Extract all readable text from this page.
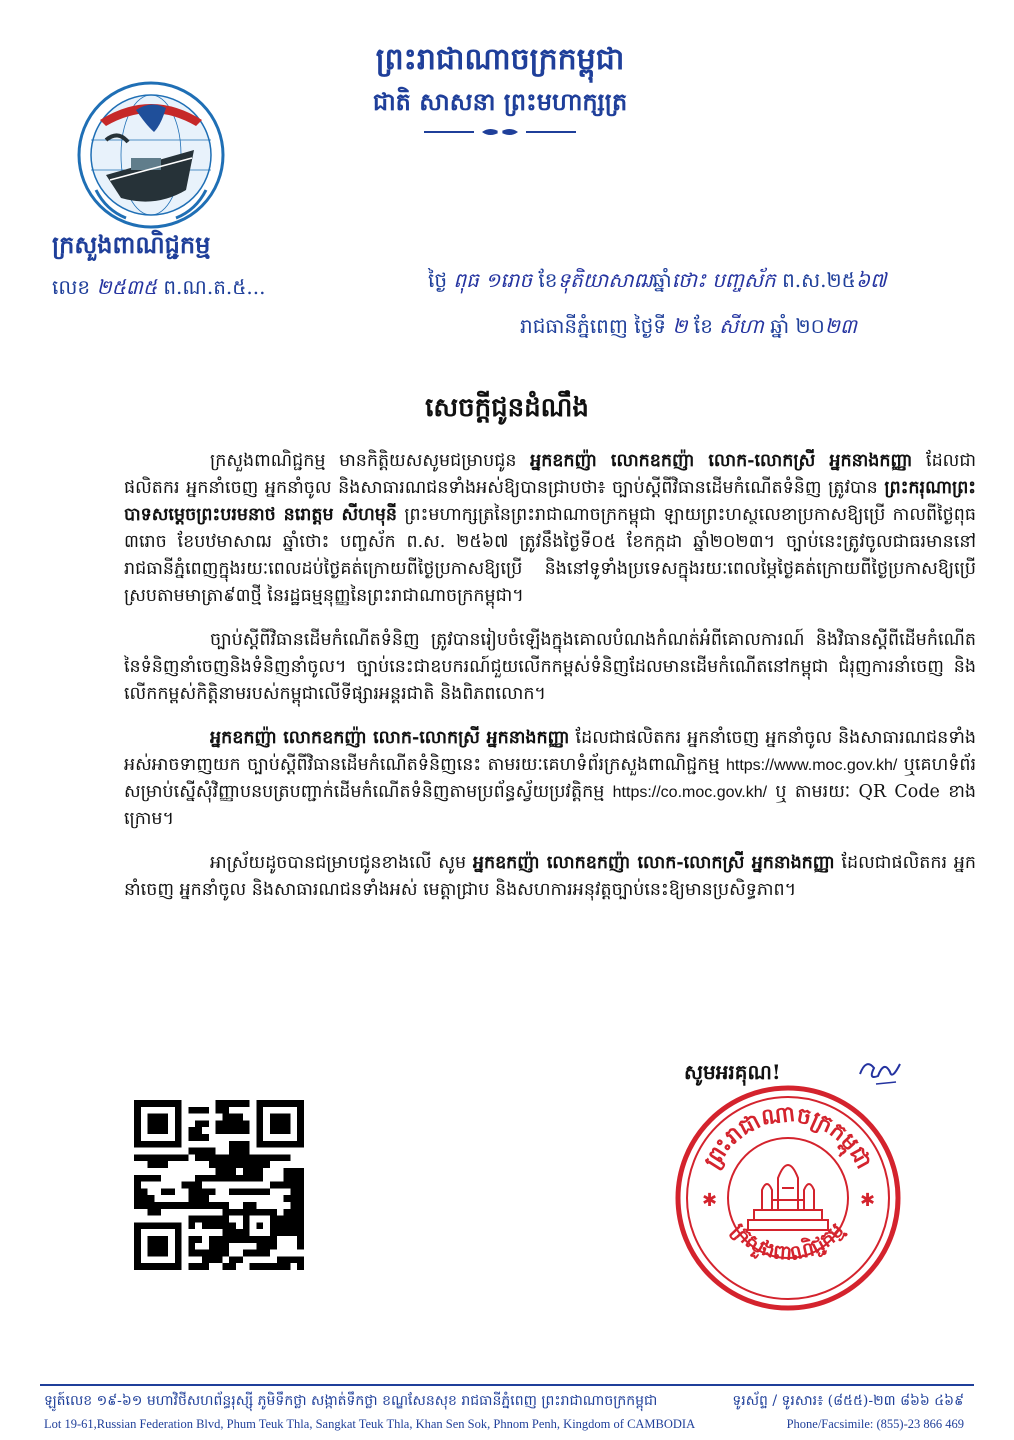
ព្រះរាជាណាចក្រកម្ពុជា
ជាតិ សាសនា ព្រះមហាក្សត្រ
ក្រសួងពាណិជ្ជកម្ម
លេខ ២៥៣៥ ព.ណ.ត.៥...	ថ្ងៃ ពុធ ១រោច ខែទុតិយាសាឍឆ្នាំថោះ បញ្ចស័ក ព.ស.២៥៦៧
រាជធានីភ្នំពេញ ថ្ងៃទី ២ ខែ សីហា ឆ្នាំ ២០២៣
សេចក្តីជូនដំណឹង

ក្រសួងពាណិជ្ជកម្ម មានកិត្តិយសសូមជម្រាបជូន អ្នកឧកញ៉ា លោកឧកញ៉ា លោក-លោកស្រី អ្នកនាងកញ្ញា ដែលជាផលិតករ អ្នកនាំចេញ អ្នកនាំចូល និងសាធារណជនទាំងអស់ឱ្យបានជ្រាបថា៖ ច្បាប់ស្តីពីវិធានដើមកំណើតទំនិញ ត្រូវបាន ព្រះករុណាព្រះបាទសម្តេចព្រះបរមនាថ នរោត្តម សីហមុនី ព្រះមហាក្សត្រនៃព្រះរាជាណាចក្រកម្ពុជា ឡាយព្រះហស្ថលេខាប្រកាសឱ្យប្រើ កាលពីថ្ងៃពុធ ៣រោច ខែបឋមាសាឍ ឆ្នាំថោះ បញ្ចស័ក ព.ស. ២៥៦៧ ត្រូវនឹងថ្ងៃទី០៥ ខែកក្កដា ឆ្នាំ២០២៣។ ច្បាប់នេះត្រូវចូលជាធរមាននៅរាជធានីភ្នំពេញក្នុងរយៈពេលដប់ថ្ងៃគត់ក្រោយពីថ្ងៃប្រកាសឱ្យប្រើ និងនៅទូទាំងប្រទេសក្នុងរយៈពេលម្ភៃថ្ងៃគត់ក្រោយពីថ្ងៃប្រកាសឱ្យប្រើ ស្របតាមមាត្រា៩៣ថ្មី នៃរដ្ឋធម្មនុញ្ញនៃព្រះរាជាណាចក្រកម្ពុជា។

ច្បាប់ស្តីពីវិធានដើមកំណើតទំនិញ ត្រូវបានរៀបចំឡើងក្នុងគោលបំណងកំណត់អំពីគោលការណ៍ និងវិធានស្តីពីដើមកំណើតនៃទំនិញនាំចេញនិងទំនិញនាំចូល។ ច្បាប់នេះជាឧបករណ៍ជួយលើកកម្ពស់ទំនិញដែលមានដើមកំណើតនៅកម្ពុជា ជំរុញការនាំចេញ និងលើកកម្ពស់កិត្តិនាមរបស់កម្ពុជាលើទីផ្សារអន្តរជាតិ និងពិភពលោក។

អ្នកឧកញ៉ា លោកឧកញ៉ា លោក-លោកស្រី អ្នកនាងកញ្ញា ដែលជាផលិតករ អ្នកនាំចេញ អ្នកនាំចូល និងសាធារណជនទាំងអស់អាចទាញយក ច្បាប់ស្តីពីវិធានដើមកំណើតទំនិញនេះ តាមរយៈគេហទំព័រក្រសួងពាណិជ្ជកម្ម https://www.moc.gov.kh/ ឬគេហទំព័រសម្រាប់ស្នើសុំវិញ្ញាបនបត្របញ្ជាក់ដើមកំណើតទំនិញតាមប្រព័ន្ធស្វ័យប្រវត្តិកម្ម https://co.moc.gov.kh/ ឬ តាមរយៈ QR Code ខាងក្រោម។

អាស្រ័យដូចបានជម្រាបជូនខាងលើ សូម អ្នកឧកញ៉ា លោកឧកញ៉ា លោក-លោកស្រី អ្នកនាងកញ្ញា ដែលជាផលិតករ អ្នកនាំចេញ អ្នកនាំចូល និងសាធារណជនទាំងអស់ មេត្តាជ្រាប និងសហការអនុវត្តច្បាប់នេះឱ្យមានប្រសិទ្ធភាព។

សូមអរគុណ!
ព្រះរាជាណាចក្រកម្ពុជា
ក្រសួងពាណិជ្ជកម្ម
✱	✱
ឡូត៍លេខ ១៩-៦១ មហាវិថីសហព័ន្ធរុស្ស៊ី ភូមិទឹកថ្លា សង្កាត់ទឹកថ្លា ខណ្ឌសែនសុខ រាជធានីភ្នំពេញ ព្រះរាជាណាចក្រកម្ពុជា	ទូរស័ព្ទ / ទូរសារ៖ (៨៥៥)-២៣ ៨៦៦ ៤៦៩
Lot 19-61,Russian Federation Blvd, Phum Teuk Thla, Sangkat Teuk Thla, Khan Sen Sok, Phnom Penh, Kingdom of CAMBODIA	Phone/Facsimile: (855)-23 866 469
